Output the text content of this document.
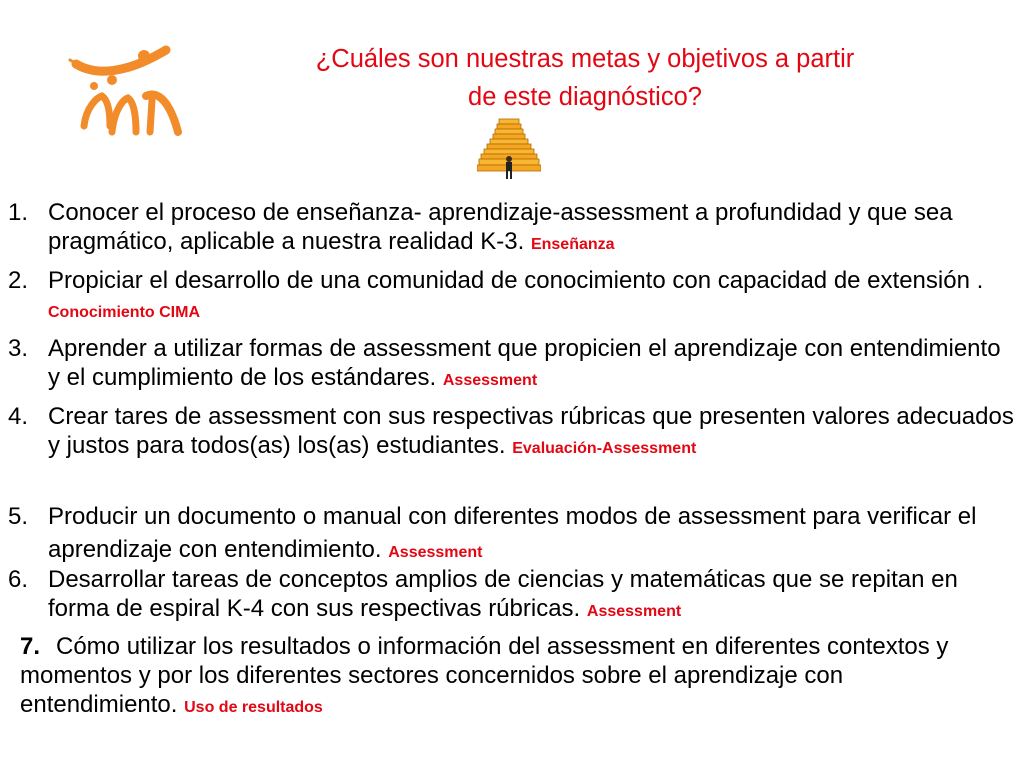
¿Cuáles son nuestras metas y objetivos a partir
de este diagnóstico?
1. Conocer el proceso de enseñanza- aprendizaje-assessment a profundidad y que sea pragmático, aplicable a nuestra realidad K-3. Enseñanza
2. Propiciar el desarrollo de una comunidad de conocimiento con capacidad de extensión . Conocimiento CIMA
3. Aprender a utilizar formas de assessment que propicien el aprendizaje con entendimiento y el cumplimiento de los estándares. Assessment
4. Crear tares de assessment con sus respectivas rúbricas que presenten valores adecuados y justos para todos(as) los(as) estudiantes. Evaluación-Assessment
5. Producir un documento o manual con diferentes modos de assessment para verificar el aprendizaje con entendimiento. Assessment
6. Desarrollar tareas de conceptos amplios de ciencias y matemáticas que se repitan en forma de espiral K-4 con sus respectivas rúbricas. Assessment
7. Cómo utilizar los resultados o información del assessment en diferentes contextos y momentos y por los diferentes sectores concernidos sobre el aprendizaje con entendimiento. Uso de resultados
